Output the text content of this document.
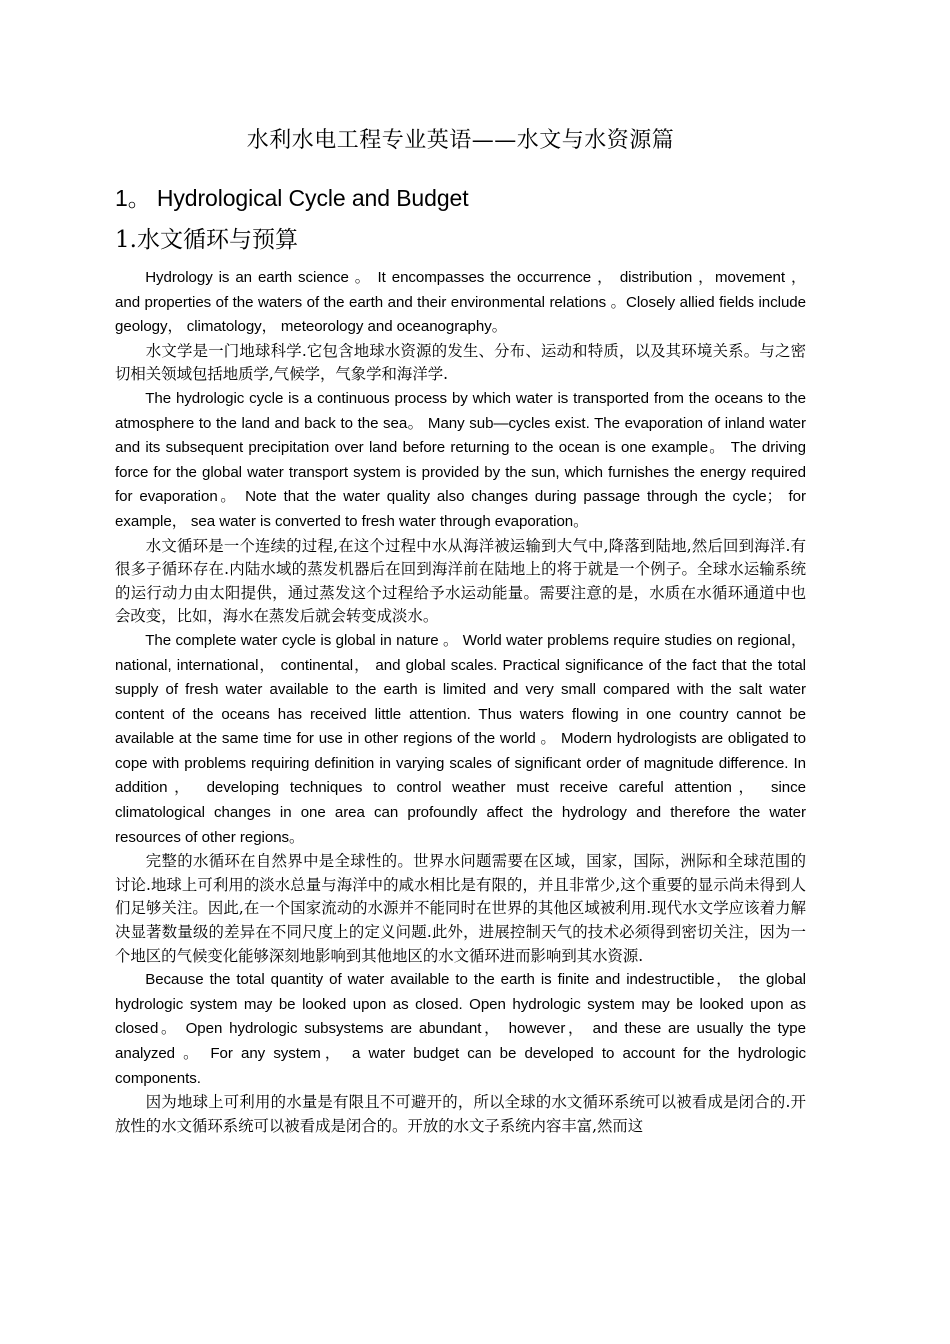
水利水电工程专业英语——水文与水资源篇
1。 Hydrological Cycle and Budget
1.水文循环与预算

Hydrology is an earth science 。 It encompasses the occurrence ， distribution ，movement ， and properties of the waters of the earth and their environmental relations 。Closely allied fields include geology， climatology， meteorology and oceanography。

水文学是一门地球科学.它包含地球水资源的发生、分布、运动和特质，以及其环境关系。与之密切相关领域包括地质学,气候学，气象学和海洋学.

The hydrologic cycle is a continuous process by which water is transported from the oceans to the atmosphere to the land and back to the sea。 Many sub—cycles exist. The evaporation of inland water and its subsequent precipitation over land before returning to the ocean is one example。 The driving force for the global water transport system is provided by the sun, which furnishes the energy required for evaporation。 Note that the water quality also changes during passage through the cycle； for example， sea water is converted to fresh water through evaporation。

水文循环是一个连续的过程,在这个过程中水从海洋被运输到大气中,降落到陆地,然后回到海洋.有很多子循环存在.内陆水域的蒸发机器后在回到海洋前在陆地上的将于就是一个例子。全球水运输系统的运行动力由太阳提供，通过蒸发这个过程给予水运动能量。需要注意的是，水质在水循环通道中也会改变，比如，海水在蒸发后就会转变成淡水。

The complete water cycle is global in nature 。 World water problems require studies on regional， national, international， continental， and global scales. Practical significance of the fact that the total supply of fresh water available to the earth is limited and very small compared with the salt water content of the oceans has received little attention. Thus waters flowing in one country cannot be available at the same time for use in other regions of the world 。 Modern hydrologists are obligated to cope with problems requiring definition in varying scales of significant order of magnitude difference. In addition， developing techniques to control weather must receive careful attention， since climatological changes in one area can profoundly affect the hydrology and therefore the water resources of other regions。

完整的水循环在自然界中是全球性的。世界水问题需要在区域，国家，国际，洲际和全球范围的讨论.地球上可利用的淡水总量与海洋中的咸水相比是有限的，并且非常少,这个重要的显示尚未得到人们足够关注。因此,在一个国家流动的水源并不能同时在世界的其他区域被利用.现代水文学应该着力解决显著数量级的差异在不同尺度上的定义问题.此外，进展控制天气的技术必须得到密切关注，因为一个地区的气候变化能够深刻地影响到其他地区的水文循环进而影响到其水资源.

Because the total quantity of water available to the earth is finite and indestructible， the global hydrologic system may be looked upon as closed. Open hydrologic system may be looked upon as closed。 Open hydrologic subsystems are abundant， however， and these are usually the type analyzed 。 For any system， a water budget can be developed to account for the hydrologic components.

因为地球上可利用的水量是有限且不可避开的，所以全球的水文循环系统可以被看成是闭合的.开放性的水文循环系统可以被看成是闭合的。开放的水文子系统内容丰富,然而这
